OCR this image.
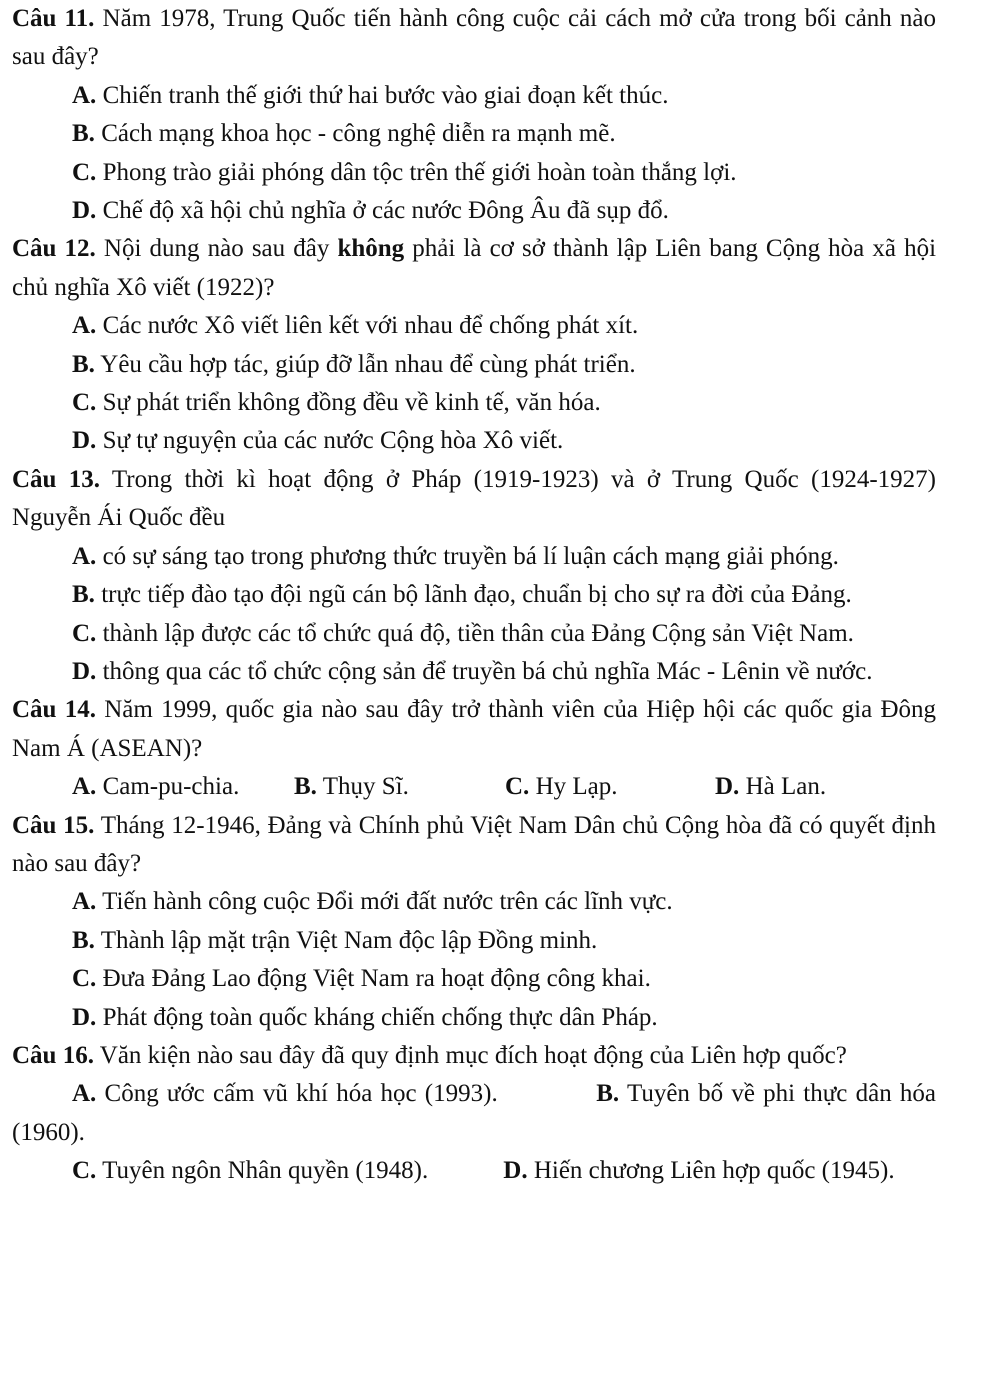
Câu 11. Năm 1978, Trung Quốc tiến hành công cuộc cải cách mở cửa trong bối cảnh nào sau đây?

A. Chiến tranh thế giới thứ hai bước vào giai đoạn kết thúc.

B. Cách mạng khoa học - công nghệ diễn ra mạnh mẽ.

C. Phong trào giải phóng dân tộc trên thế giới hoàn toàn thắng lợi.

D. Chế độ xã hội chủ nghĩa ở các nước Đông Âu đã sụp đổ.

Câu 12. Nội dung nào sau đây không phải là cơ sở thành lập Liên bang Cộng hòa xã hội chủ nghĩa Xô viết (1922)?

A. Các nước Xô viết liên kết với nhau để chống phát xít.

B. Yêu cầu hợp tác, giúp đỡ lẫn nhau để cùng phát triển.

C. Sự phát triển không đồng đều về kinh tế, văn hóa.

D. Sự tự nguyện của các nước Cộng hòa Xô viết.

Câu 13. Trong thời kì hoạt động ở Pháp (1919-1923) và ở Trung Quốc (1924-1927) Nguyễn Ái Quốc đều

A. có sự sáng tạo trong phương thức truyền bá lí luận cách mạng giải phóng.

B. trực tiếp đào tạo đội ngũ cán bộ lãnh đạo, chuẩn bị cho sự ra đời của Đảng.

C. thành lập được các tổ chức quá độ, tiền thân của Đảng Cộng sản Việt Nam.

D. thông qua các tổ chức cộng sản để truyền bá chủ nghĩa Mác - Lênin về nước.

Câu 14. Năm 1999, quốc gia nào sau đây trở thành viên của Hiệp hội các quốc gia Đông Nam Á (ASEAN)?

A. Cam-pu-chia.	B. Thụy Sĩ.	C. Hy Lạp.	D. Hà Lan.

Câu 15. Tháng 12-1946, Đảng và Chính phủ Việt Nam Dân chủ Cộng hòa đã có quyết định nào sau đây?

A. Tiến hành công cuộc Đổi mới đất nước trên các lĩnh vực.

B. Thành lập mặt trận Việt Nam độc lập Đồng minh.

C. Đưa Đảng Lao động Việt Nam ra hoạt động công khai.

D. Phát động toàn quốc kháng chiến chống thực dân Pháp.

Câu 16. Văn kiện nào sau đây đã quy định mục đích hoạt động của Liên hợp quốc?

A. Công ước cấm vũ khí hóa học (1993).	B. Tuyên bố về phi thực dân hóa (1960).

C. Tuyên ngôn Nhân quyền (1948).	D. Hiến chương Liên hợp quốc (1945).
